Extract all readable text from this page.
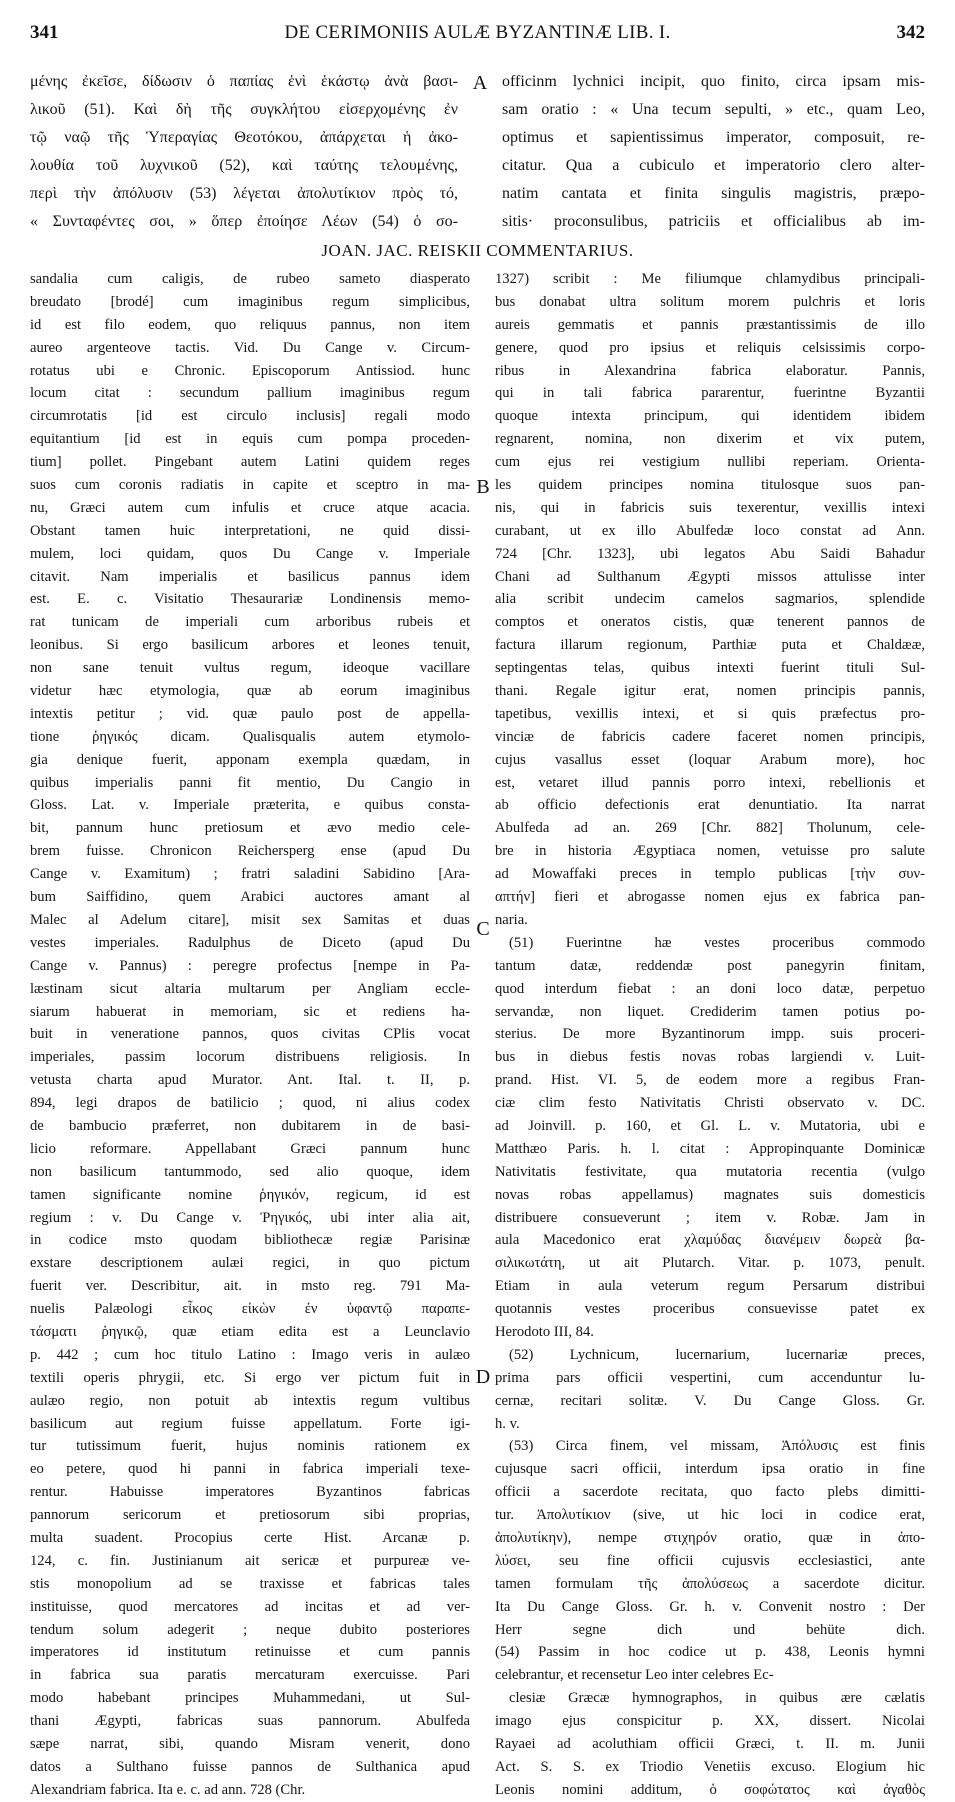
341	DE CERIMONIIS AULÆ BYZANTINÆ LIB. I.	342
μένης ἐκεῖσε, δίδωσιν ὁ παπίας ἑνὶ ἑκάστῳ ἀνὰ βασι-
λικοῦ (51). Καὶ δὴ τῆς συγκλήτου εἰσερχομένης ἐν
τῷ ναῷ τῆς Ὑπεραγίας Θεοτόκου, ἀπάρχεται ἡ ἀκο-
λουθία τοῦ λυχνικοῦ (52), καὶ ταύτης τελουμένης,
περὶ τὴν ἀπόλυσιν (53) λέγεται ἀπολυτίκιον πρὸς τό,
« Συνταφέντες σοι, » ὅπερ ἐποίησε Λέων (54) ὁ σο-
A officinm lychnici incipit, quo finito, circa ipsam mis-
sam oratio : « Una tecum sepulti, » etc., quam Leo,
optimus et sapientissimus imperator, composuit, re-
citatur. Qua a cubiculo et imperatorio clero alter-
natim cantata et finita singulis magistris, præpo-
sitis· proconsulibus, patriciis et officialibus ab im-
JOAN. JAC. REISKII COMMENTARIUS.
sandalia cum caligis, de rubeo sameto diasperato
breudato [brodé] cum imaginibus regum simplicibus,
id est filo eodem, quo reliquus pannus, non item
aureo argenteove tactis. Vid. Du Cange v. Circum-
rotatus ubi e Chronic. Episcoporum Antissiod. hunc
locum citat : secundum pallium imaginibus regum
circumrotatis [id est circulo inclusis] regali modo
equitantium [id est in equis cum pompa proceden-
tium] pollet. Pingebant autem Latini quidem reges
suos cum coronis radiatis in capite et sceptro in ma-
nu, Græci autem cum infulis et cruce atque acacia.
Obstant tamen huic interpretationi, ne quid dissi-
mulem, loci quidam, quos Du Cange v. Imperiale
citavit. Nam imperialis et basilicus pannus idem
est. E. c. Visitatio Thesaurariæ Londinensis memo-
rat tunicam de imperiali cum arboribus rubeis et
leonibus. Si ergo basilicum arbores et leones tenuit,
non sane tenuit vultus regum, ideoque vacillare
videtur hæc etymologia, quæ ab eorum imaginibus
intextis petitur ; vid. quæ paulo post de appella-
tione ῥηγικός dicam. Qualisqualis autem etymolo-
gia denique fuerit, apponam exempla quædam, in
quibus imperialis panni fit mentio, Du Cangio in
Gloss. Lat. v. Imperiale præterita, e quibus consta-
bit, pannum hunc pretiosum et ævo medio cele-
brem fuisse. Chronicon Reichersperg ense (apud Du
Cange v. Examitum) ; fratri saladini Sabidino [Ara-
bum Saiffidino, quem Arabici auctores amant al
Malec al Adelum citare], misit sex Samitas et duas
vestes imperiales. Radulphus de Diceto (apud Du
Cange v. Pannus) : peregre profectus [nempe in Pa-
læstinam sicut altaria multarum per Angliam eccle-
siarum habuerat in memoriam, sic et rediens ha-
buit in veneratione pannos, quos civitas CPlis vocat
imperiales, passim locorum distribuens religiosis. In
vetusta charta apud Murator. Ant. Ital. t. II, p.
894, legi drapos de batilicio ; quod, ni alius codex
de bambucio præferret, non dubitarem in de basi-
licio reformare. Appellabant Græci pannum hunc
non basilicum tantummodo, sed alio quoque, idem
tamen significante nomine ῥηγικόν, regicum, id est
regium : v. Du Cange v. Ῥηγικός, ubi inter alia ait,
in codice msto quodam bibliothecæ regiæ Parisinæ
exstare descriptionem aulæi regici, in quo pictum
fuerit ver. Describitur, ait. in msto reg. 791 Ma-
nuelis Palæologi εἶκος εἰκὼν ἐν ὑφαντῷ παραπε-
τάσματι ῥηγικῷ, quæ etiam edita est a Leunclavio
p. 442 ; cum hoc titulo Latino : Imago veris in aulæo
textili operis phrygii, etc. Si ergo ver pictum fuit in
aulæo regio, non potuit ab intextis regum vultibus
basilicum aut regium fuisse appellatum. Forte igi-
tur tutissimum fuerit, hujus nominis rationem ex
eo petere, quod hi panni in fabrica imperiali texe-
rentur. Habuisse imperatores Byzantinos fabricas
pannorum sericorum et pretiosorum sibi proprias,
multa suadent. Procopius certe Hist. Arcanæ p.
124, c. fin. Justinianum ait sericæ et purpureæ ve-
stis monopolium ad se traxisse et fabricas tales
instituisse, quod mercatores ad incitas et ad ver-
tendum solum adegerit ; neque dubito posteriores
imperatores id institutum retinuisse et cum pannis
in fabrica sua paratis mercaturam exercuisse. Pari
modo habebant principes Muhammedani, ut Sul-
thani Ægypti, fabricas suas pannorum. Abulfeda
sæpe narrat, sibi, quando Misram venerit, dono
datos a Sulthano fuisse pannos de Sulthanica apud
Alexandriam fabrica. Ita e. c. ad ann. 728 (Chr.
1327) scribit : Me filiumque chlamydibus principali-
bus donabat ultra solitum morem pulchris et loris
aureis gemmatis et pannis præstantissimis de illo
genere, quod pro ipsius et reliquis celsissimis corpo-
ribus in Alexandrina fabrica elaboratur. Pannis,
qui in tali fabrica pararentur, fuerintne Byzantii
quoque intexta principum, qui identidem ibidem
regnarent, nomina, non dixerim et vix putem,
cum ejus rei vestigium nullibi reperiam. Orienta-
les quidem principes nomina titulosque suos pan-
nis, qui in fabricis suis texerentur, vexillis intexi
curabant, ut ex illo Abulfedæ loco constat ad Ann.
724 [Chr. 1323], ubi legatos Abu Saidi Bahadur
Chani ad Sulthanum Ægypti missos attulisse inter
alia scribit undecim camelos sagmarios, splendide
comptos et oneratos cistis, quæ tenerent pannos de
factura illarum regionum, Parthiæ puta et Chaldææ,
septingentas telas, quibus intexti fuerint tituli Sul-
thani. Regale igitur erat, nomen principis pannis,
tapetibus, vexillis intexi, et si quis præfectus pro-
vinciæ de fabricis cadere faceret nomen principis,
cujus vasallus esset (loquar Arabum more), hoc
est, vetaret illud pannis porro intexi, rebellionis et
ab officio defectionis erat denuntiatio. Ita narrat
Abulfeda ad an. 269 [Chr. 882] Tholunum, cele-
bre in historia Ægyptiaca nomen, vetuisse pro salute
ad Mowaffaki preces in templo publicas [τὴν συν-
απτήν] fieri et abrogasse nomen ejus ex fabrica pan-
naria.
(51) Fuerintne hæ vestes proceribus commodo
tantum datæ, reddendæ post panegyrin finitam,
quod interdum fiebat : an doni loco datæ, perpetuo
servandæ, non liquet. Crediderim tamen potius po-
sterius. De more Byzantinorum impp. suis proceri-
bus in diebus festis novas robas largiendi v. Luit-
prand. Hist. VI. 5, de eodem more a regibus Fran-
ciæ clim festo Nativitatis Christi observato v. DC.
ad Joinvill. p. 160, et Gl. L. v. Mutatoria, ubi e
Matthæo Paris. h. l. citat : Appropinquante Dominicæ
Nativitatis festivitate, qua mutatoria recentia (vulgo
novas robas appellamus) magnates suis domesticis
distribuere consueverunt ; item v. Robæ. Jam in
aula Macedonico erat χλαμύδας διανέμειν δωρεὰ βα-
σιλικωτάτη, ut ait Plutarch. Vitar. p. 1073, penult.
Etiam in aula veterum regum Persarum distribui
quotannis vestes proceribus consuevisse patet ex
Herodoto III, 84.
(52) Lychnicum, lucernarium, lucernariæ preces,
prima pars officii vespertini, cum accenduntur lu-
cernæ, recitari solitæ. V. Du Cange Gloss. Gr.
h. v.
(53) Circa finem, vel missam, Ἀπόλυσις est finis
cujusque sacri officii, interdum ipsa oratio in fine
officii a sacerdote recitata, quo facto plebs dimitti-
tur. Ἀπολυτίκιον (sive, ut hic loci in codice erat,
ἀπολυτίκην), nempe στιχηρόν oratio, quæ in ἀπο-
λύσει, seu fine officii cujusvis ecclesiastici, ante
tamen formulam τῆς ἀπολύσεως a sacerdote dicitur.
Ita Du Cange Gloss. Gr. h. v. Convenit nostro : Der
Herr segne dich und behüte dich.
(54) Passim in hoc codice ut p. 438, Leonis hymni
celebrantur, et recensetur Leo inter celebres Ec-
clesiæ Græcæ hymnographos, in quibus ære cælatis
imago ejus conspicitur p. XX, dissert. Nicolai
Rayaei ad acoluthiam officii Græci, t. II. m. Junii
Act. S. S. ex Triodio Venetiis excuso. Elogium hic
Leonis nomini additum, ὁ σοφώτατος καὶ ἀγαθὸς
B
C
D
